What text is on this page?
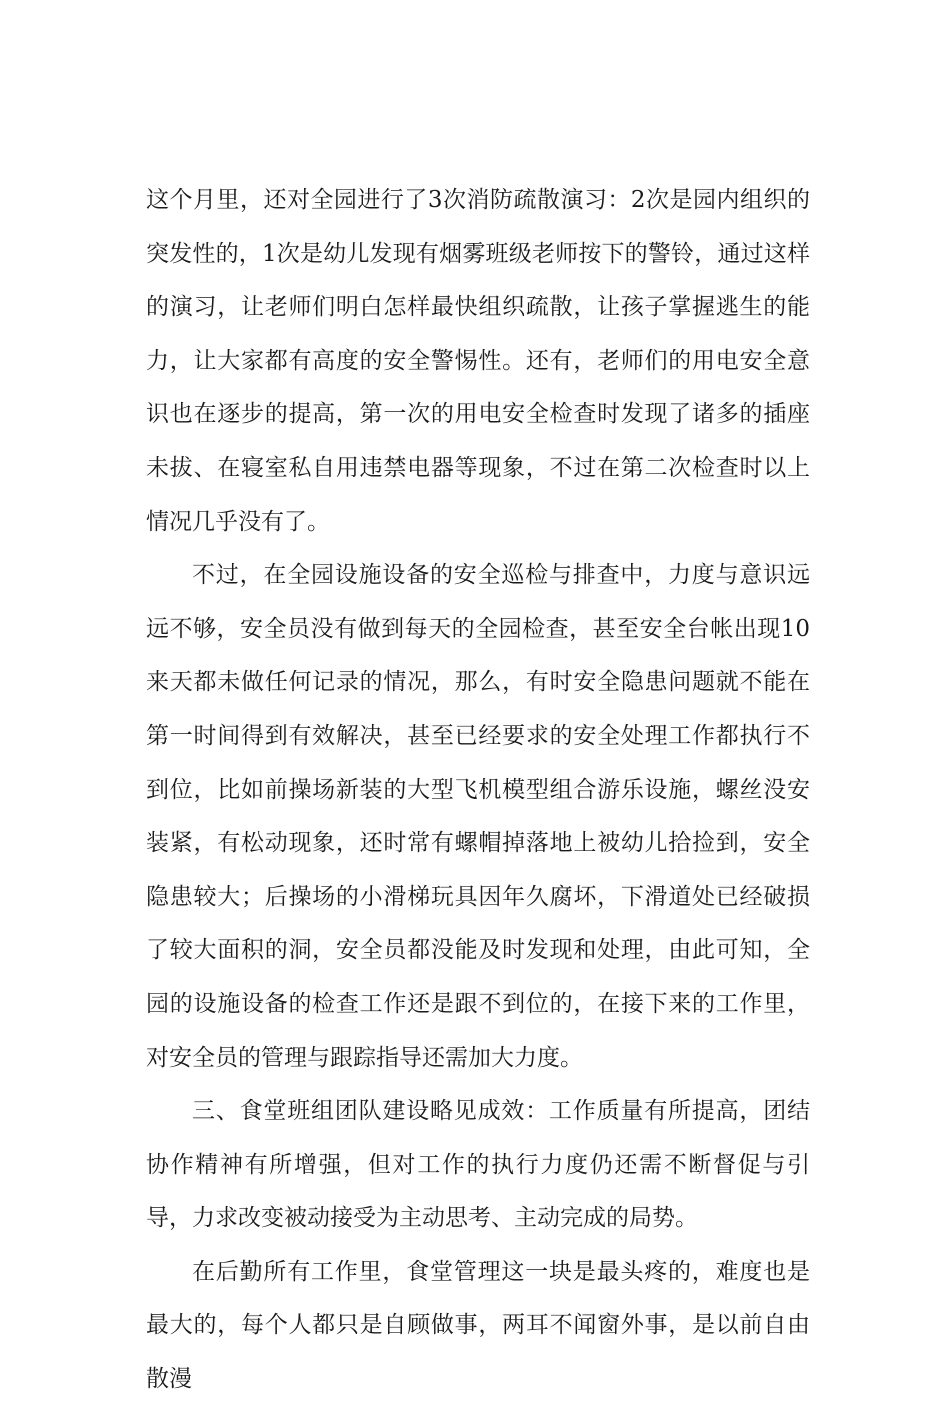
这个月里，还对全园进行了3次消防疏散演习：2次是园内组织的突发性的，1次是幼儿发现有烟雾班级老师按下的警铃，通过这样的演习，让老师们明白怎样最快组织疏散，让孩子掌握逃生的能力，让大家都有高度的安全警惕性。还有，老师们的用电安全意识也在逐步的提高，第一次的用电安全检查时发现了诸多的插座未拔、在寝室私自用违禁电器等现象，不过在第二次检查时以上情况几乎没有了。

不过，在全园设施设备的安全巡检与排查中，力度与意识远远不够，安全员没有做到每天的全园检查，甚至安全台帐出现10来天都未做任何记录的情况，那么，有时安全隐患问题就不能在第一时间得到有效解决，甚至已经要求的安全处理工作都执行不到位，比如前操场新装的大型飞机模型组合游乐设施，螺丝没安装紧，有松动现象，还时常有螺帽掉落地上被幼儿拾捡到，安全隐患较大；后操场的小滑梯玩具因年久腐坏，下滑道处已经破损了较大面积的洞，安全员都没能及时发现和处理，由此可知，全园的设施设备的检查工作还是跟不到位的，在接下来的工作里，对安全员的管理与跟踪指导还需加大力度。

三、食堂班组团队建设略见成效：工作质量有所提高，团结协作精神有所增强，但对工作的执行力度仍还需不断督促与引导，力求改变被动接受为主动思考、主动完成的局势。

在后勤所有工作里，食堂管理这一块是最头疼的，难度也是最大的，每个人都只是自顾做事，两耳不闻窗外事，是以前自由散漫
